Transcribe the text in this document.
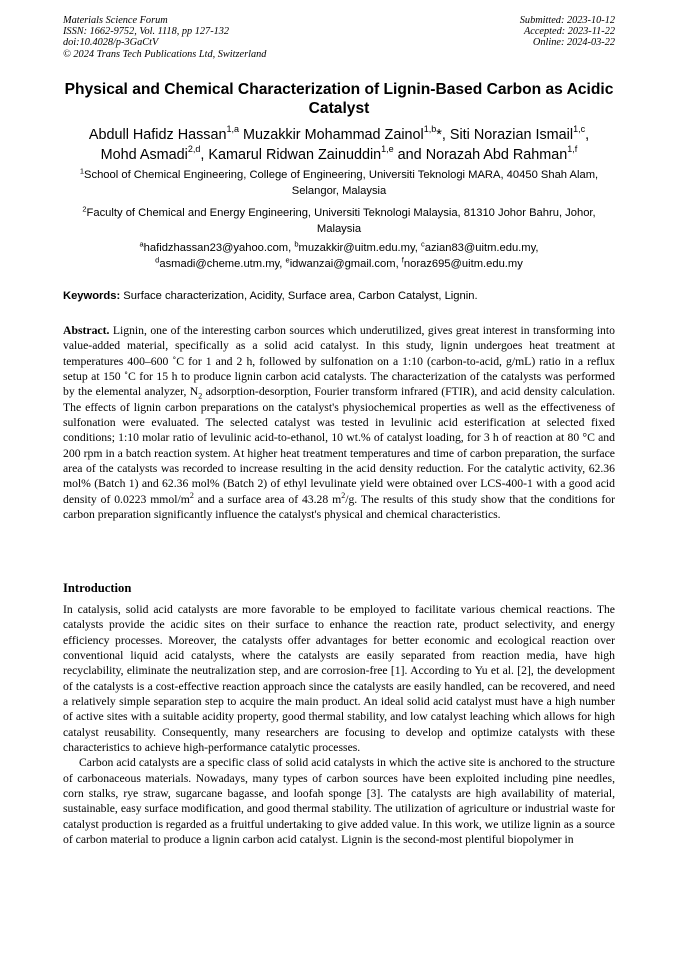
Materials Science Forum
ISSN: 1662-9752, Vol. 1118, pp 127-132
doi:10.4028/p-3GaCtV
© 2024 Trans Tech Publications Ltd, Switzerland
Submitted: 2023-10-12
Accepted: 2023-11-22
Online: 2024-03-22
Physical and Chemical Characterization of Lignin-Based Carbon as Acidic Catalyst
Abdull Hafidz Hassan$^{1,a}$ Muzakkir Mohammad Zainol$^{1,b}$*, Siti Norazian Ismail$^{1,c}$,
Mohd Asmadi$^{2,d}$, Kamarul Ridwan Zainuddin$^{1,e}$ and Norazah Abd Rahman$^{1,f}$
$^1$School of Chemical Engineering, College of Engineering, Universiti Teknologi MARA, 40450 Shah Alam, Selangor, Malaysia
$^2$Faculty of Chemical and Energy Engineering, Universiti Teknologi Malaysia, 81310 Johor Bahru, Johor, Malaysia
$^a$hafidzhassan23@yahoo.com, $^b$muzakkir@uitm.edu.my, $^c$azian83@uitm.edu.my,
$^d$asmadi@cheme.utm.my, $^e$idwanzai@gmail.com, $^f$noraz695@uitm.edu.my
Keywords: Surface characterization, Acidity, Surface area, Carbon Catalyst, Lignin.
Abstract. Lignin, one of the interesting carbon sources which underutilized, gives great interest in transforming into value-added material, specifically as a solid acid catalyst. In this study, lignin undergoes heat treatment at temperatures 400–600 ˚C for 1 and 2 h, followed by sulfonation on a 1:10 (carbon-to-acid, g/mL) ratio in a reflux setup at 150 ˚C for 15 h to produce lignin carbon acid catalysts. The characterization of the catalysts was performed by the elemental analyzer, $N_2$ adsorption-desorption, Fourier transform infrared (FTIR), and acid density calculation. The effects of lignin carbon preparations on the catalyst's physiochemical properties as well as the effectiveness of sulfonation were evaluated. The selected catalyst was tested in levulinic acid esterification at selected fixed conditions; 1:10 molar ratio of levulinic acid-to-ethanol, 10 wt.% of catalyst loading, for 3 h of reaction at 80 °C and 200 rpm in a batch reaction system. At higher heat treatment temperatures and time of carbon preparation, the surface area of the catalysts was recorded to increase resulting in the acid density reduction. For the catalytic activity, 62.36 mol% (Batch 1) and 62.36 mol% (Batch 2) of ethyl levulinate yield were obtained over LCS-400-1 with a good acid density of 0.0223 mmol/$m^2$ and a surface area of 43.28 $m^2/g$. The results of this study show that the conditions for carbon preparation significantly influence the catalyst's physical and chemical characteristics.
Introduction

In catalysis, solid acid catalysts are more favorable to be employed to facilitate various chemical reactions. The catalysts provide the acidic sites on their surface to enhance the reaction rate, product selectivity, and energy efficiency processes. Moreover, the catalysts offer advantages for better economic and ecological reaction over conventional liquid acid catalysts, where the catalysts are easily separated from reaction media, have high recyclability, eliminate the neutralization step, and are corrosion-free [1]. According to Yu et al. [2], the development of the catalysts is a cost-effective reaction approach since the catalysts are easily handled, can be recovered, and need a relatively simple separation step to acquire the main product. An ideal solid acid catalyst must have a high number of active sites with a suitable acidity property, good thermal stability, and low catalyst leaching which allows for high catalyst reusability. Consequently, many researchers are focusing to develop and optimize catalysts with these characteristics to achieve high-performance catalytic processes.

Carbon acid catalysts are a specific class of solid acid catalysts in which the active site is anchored to the structure of carbonaceous materials. Nowadays, many types of carbon sources have been exploited including pine needles, corn stalks, rye straw, sugarcane bagasse, and loofah sponge [3]. The catalysts are high availability of material, sustainable, easy surface modification, and good thermal stability. The utilization of agriculture or industrial waste for catalyst production is regarded as a fruitful undertaking to give added value. In this work, we utilize lignin as a source of carbon material to produce a lignin carbon acid catalyst. Lignin is the second-most plentiful biopolymer in
